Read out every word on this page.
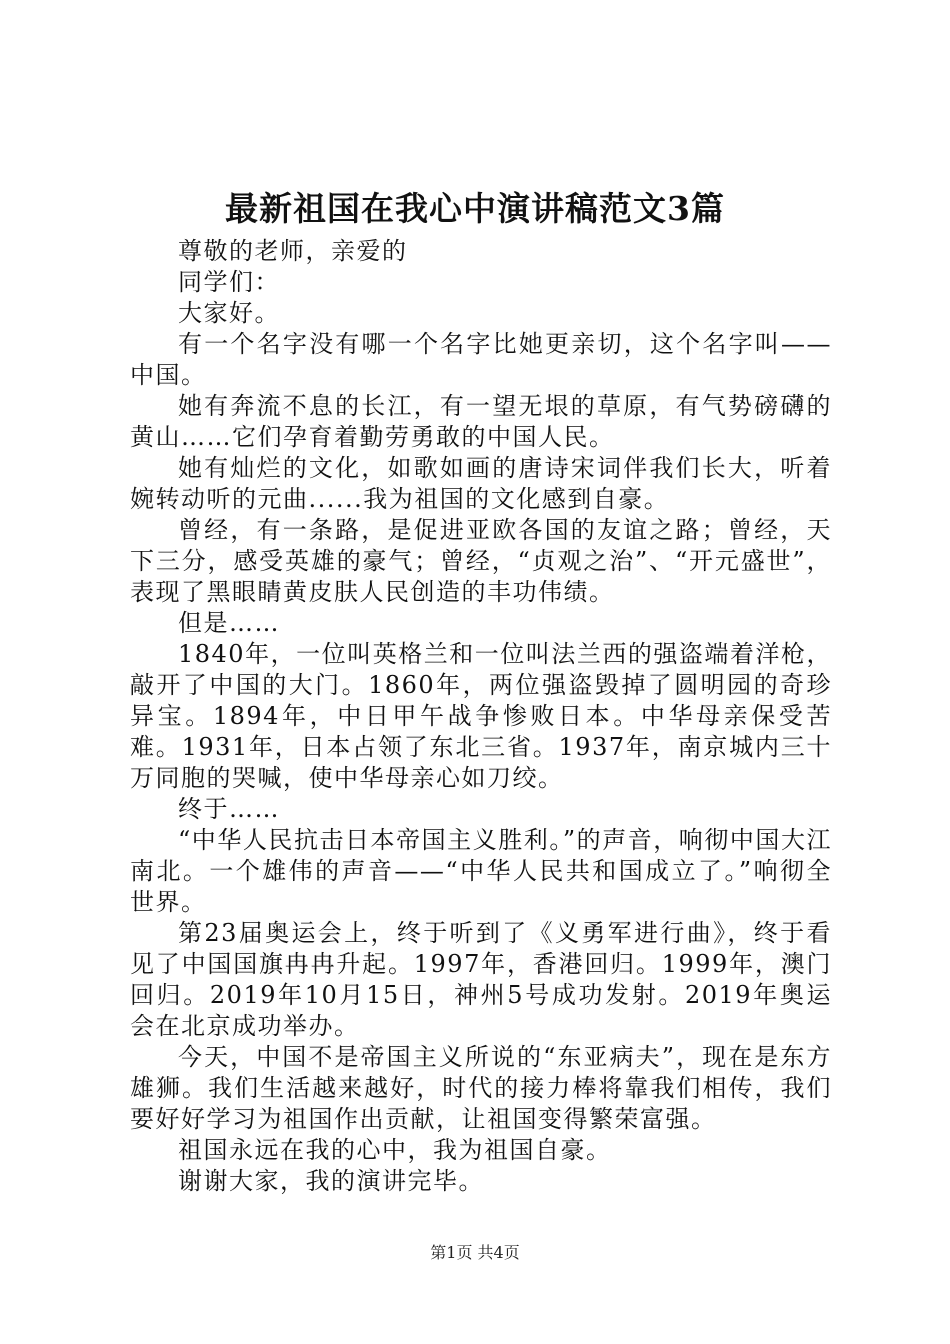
最新祖国在我心中演讲稿范文3篇

尊敬的老师，亲爱的

同学们：

大家好。

有一个名字没有哪一个名字比她更亲切，这个名字叫——中国。

她有奔流不息的长江，有一望无垠的草原，有气势磅礴的黄山……它们孕育着勤劳勇敢的中国人民。

她有灿烂的文化，如歌如画的唐诗宋词伴我们长大，听着婉转动听的元曲......我为祖国的文化感到自豪。

曾经，有一条路，是促进亚欧各国的友谊之路；曾经，天下三分，感受英雄的豪气；曾经，“贞观之治”、“开元盛世”，表现了黑眼睛黄皮肤人民创造的丰功伟绩。

但是……

1840年，一位叫英格兰和一位叫法兰西的强盗端着洋枪，敲开了中国的大门。1860年，两位强盗毁掉了圆明园的奇珍异宝。1894年，中日甲午战争惨败日本。中华母亲保受苦难。1931年，日本占领了东北三省。1937年，南京城内三十万同胞的哭喊，使中华母亲心如刀绞。

终于……

“中华人民抗击日本帝国主义胜利。”的声音，响彻中国大江南北。一个雄伟的声音——“中华人民共和国成立了。”响彻全世界。

第23届奥运会上，终于听到了《义勇军进行曲》，终于看见了中国国旗冉冉升起。1997年，香港回归。1999年，澳门回归。2019年10月15日，神州5号成功发射。2019年奥运会在北京成功举办。

今天，中国不是帝国主义所说的“东亚病夫”，现在是东方雄狮。我们生活越来越好，时代的接力棒将靠我们相传，我们要好好学习为祖国作出贡献，让祖国变得繁荣富强。

祖国永远在我的心中，我为祖国自豪。

谢谢大家，我的演讲完毕。

第1页 共4页
